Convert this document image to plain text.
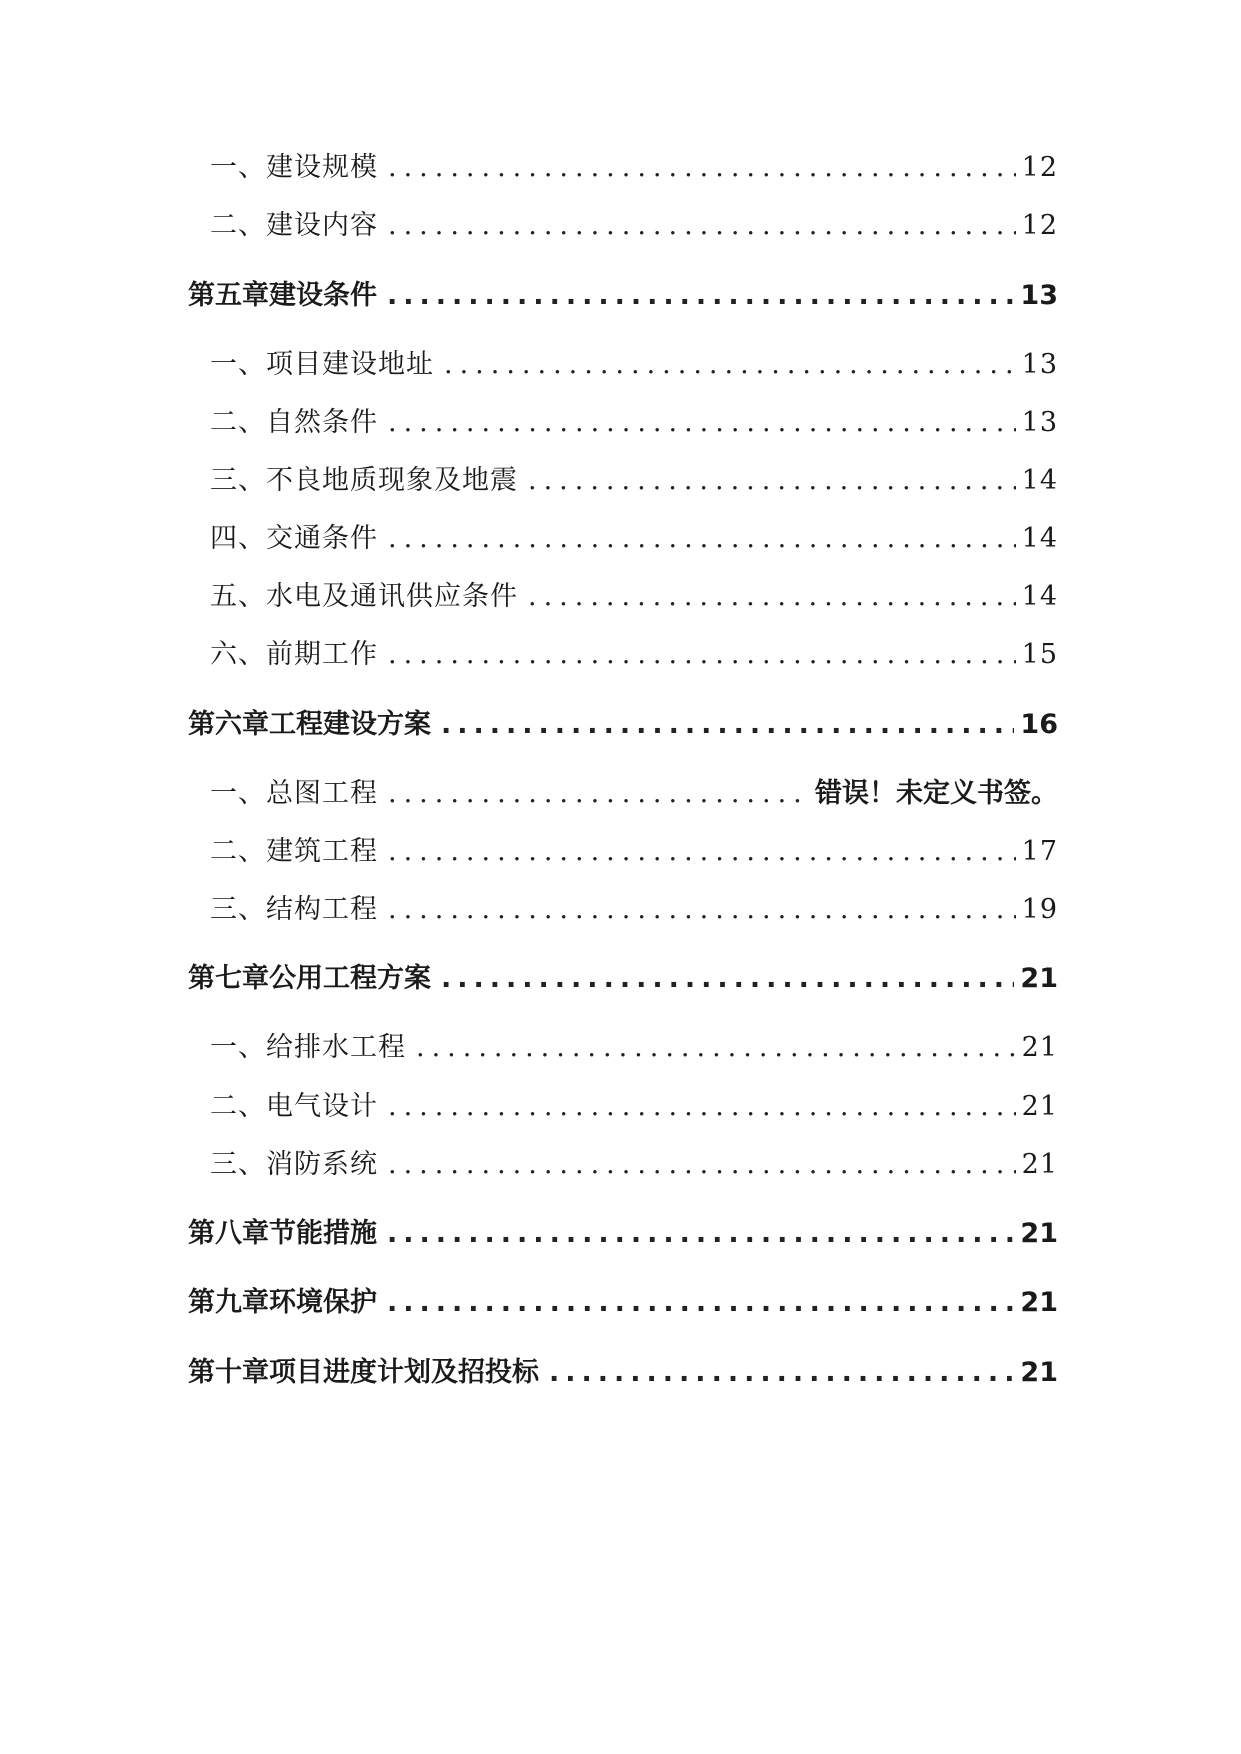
一、建设规模 .....	12
二、建设内容 .....	12
第五章 建设条件 .....	13
一、项目建设地址 .....	13
二、自然条件 .....	13
三、不良地质现象及地震 .....	14
四、交通条件 .....	14
五、水电及通讯供应条件 .....	14
六、前期工作 .....	15
第六章 工程建设方案 .....	16
一、总图工程 .....	错误！未定义书签。
二、建筑工程 .....	17
三、结构工程 .....	19
第七章 公用工程方案 .....	21
一、给排水工程 .....	21
二、电气设计 .....	21
三、消防系统 .....	21
第八章 节能措施 .....	21
第九章 环境保护 .....	21
第十章 项目进度计划及招投标 .....	21
